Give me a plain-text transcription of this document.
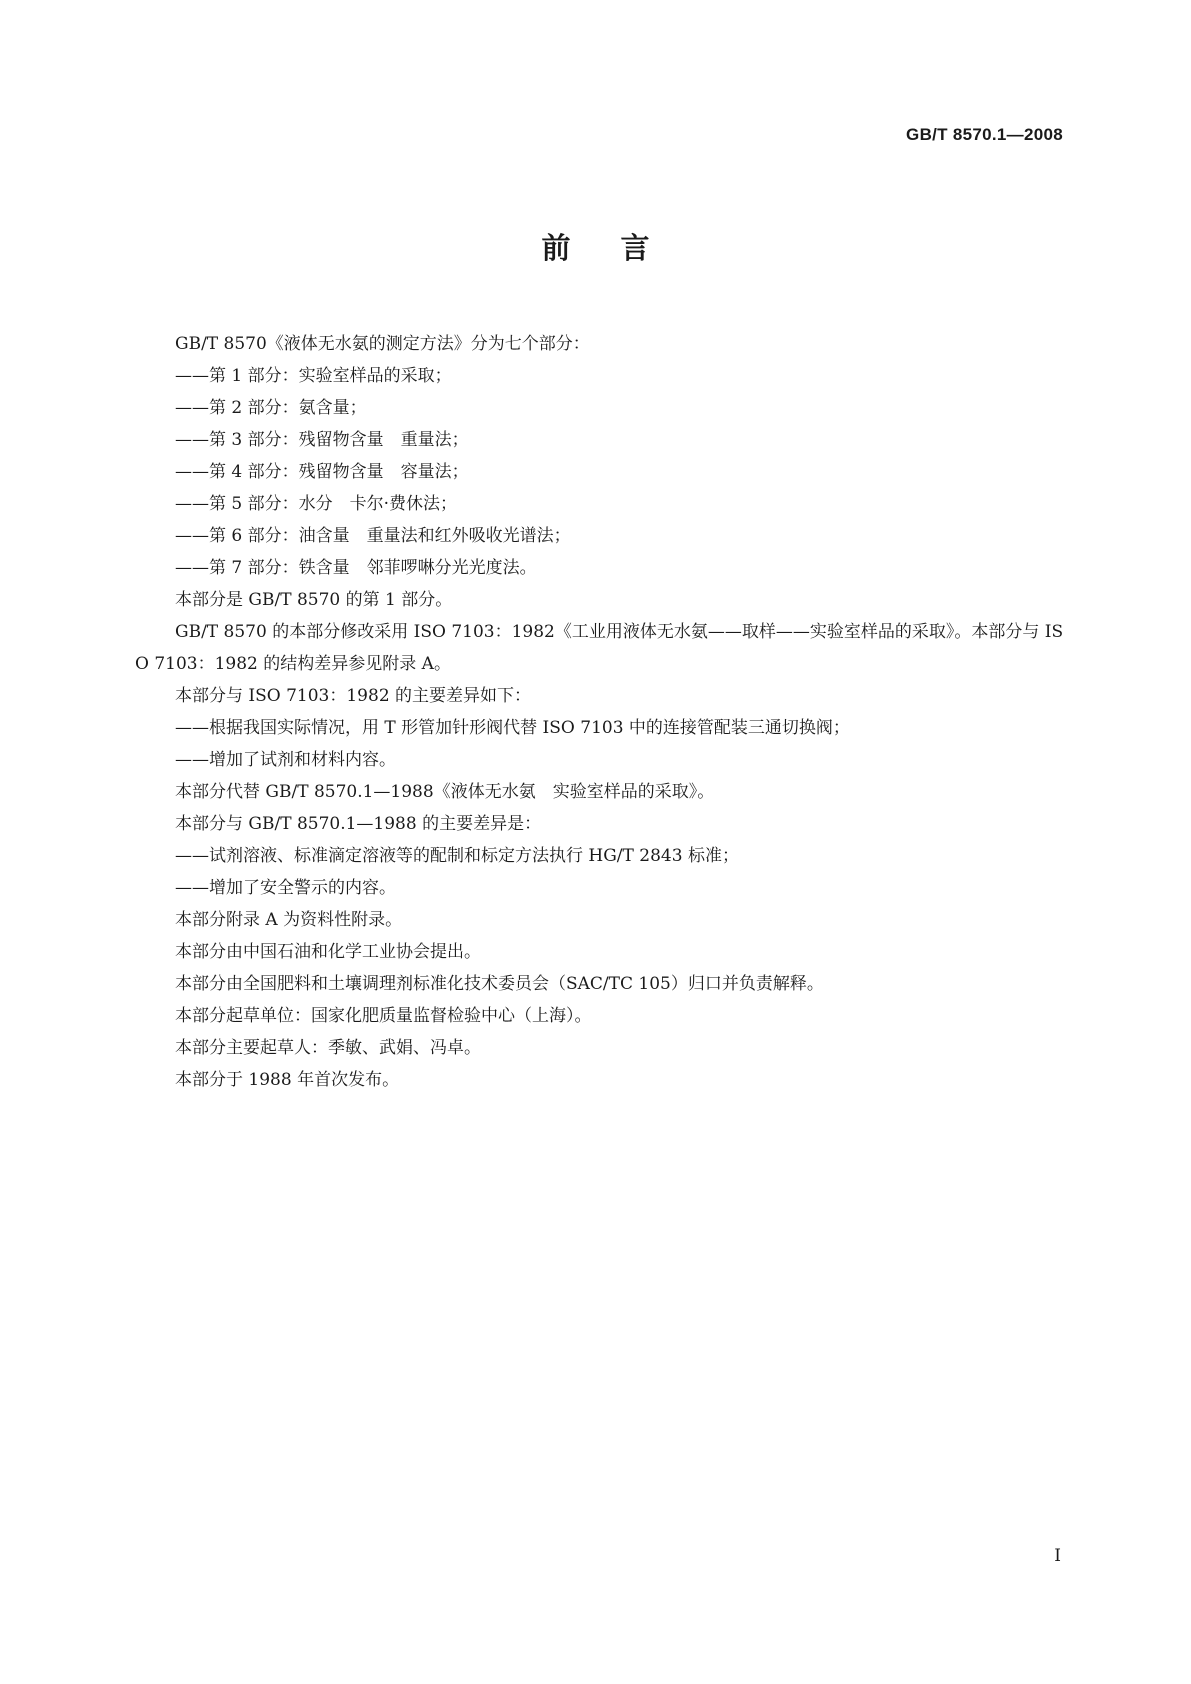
GB/T 8570.1—2008
前言

GB/T 8570《液体无水氨的测定方法》分为七个部分：

——第 1 部分：实验室样品的采取；

——第 2 部分：氨含量；

——第 3 部分：残留物含量　重量法；

——第 4 部分：残留物含量　容量法；

——第 5 部分：水分　卡尔·费休法；

——第 6 部分：油含量　重量法和红外吸收光谱法；

——第 7 部分：铁含量　邻菲啰啉分光光度法。

本部分是 GB/T 8570 的第 1 部分。

GB/T 8570 的本部分修改采用 ISO 7103：1982《工业用液体无水氨——取样——实验室样品的采取》。本部分与 ISO 7103：1982 的结构差异参见附录 A。

本部分与 ISO 7103：1982 的主要差异如下：

——根据我国实际情况，用 T 形管加针形阀代替 ISO 7103 中的连接管配装三通切换阀；

——增加了试剂和材料内容。

本部分代替 GB/T 8570.1—1988《液体无水氨　实验室样品的采取》。

本部分与 GB/T 8570.1—1988 的主要差异是：

——试剂溶液、标准滴定溶液等的配制和标定方法执行 HG/T 2843 标准；

——增加了安全警示的内容。

本部分附录 A 为资料性附录。

本部分由中国石油和化学工业协会提出。

本部分由全国肥料和土壤调理剂标准化技术委员会（SAC/TC 105）归口并负责解释。

本部分起草单位：国家化肥质量监督检验中心（上海）。

本部分主要起草人：季敏、武娟、冯卓。

本部分于 1988 年首次发布。

I
